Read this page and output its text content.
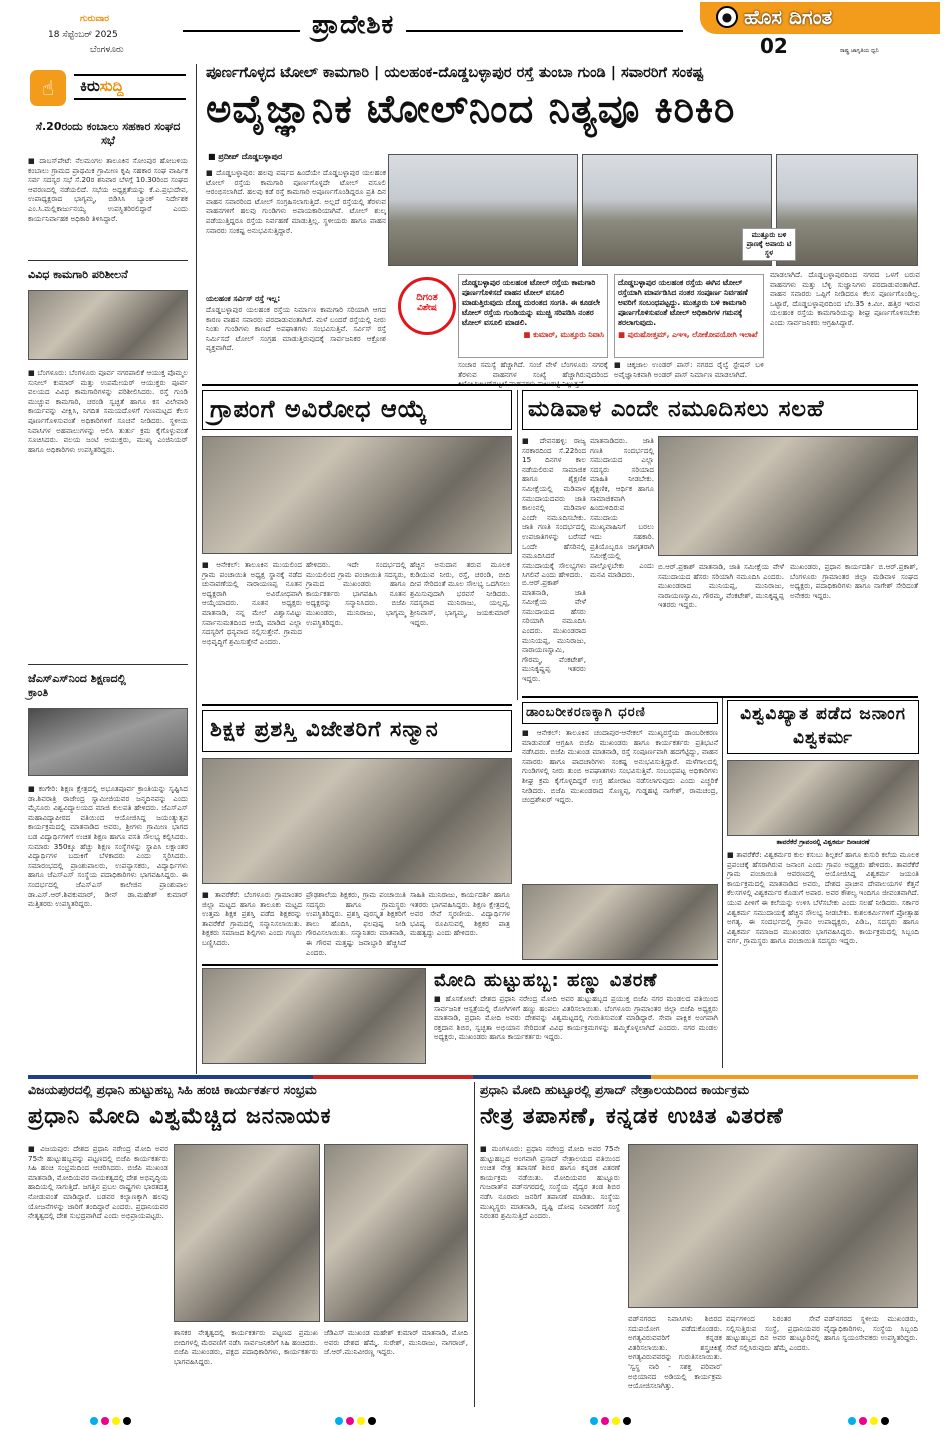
ಗುರುವಾರ
18 ಸೆಪ್ಟೆಂಬರ್ 2025
ಬೆಂಗಳೂರು
ಪ್ರಾದೇಶಿಕ	● ಹೊಸ ದಿಗಂತ
02	ರಾಷ್ಟ್ರ ಜಾಗೃತಿಯ ಧ್ವನಿ
☝	ಕಿರುಸುದ್ದಿ
ಸೆ.20ರಂದು ಕಂಬಾಲು ಸಹಕಾರ ಸಂಘದ ಸಭೆ
■ ದಾಬಸ್‌ಪೇಟೆ: ನೆಲಮಂಗಲ ತಾಲೂಕಿನ ಸೋಂಪುರ ಹೋಬಳಿಯ ಕಂಬಾಲು ಗ್ರಾಮದ ಪ್ರಾಥಮಿಕ ಗ್ರಾಮೀಣ ಕೃಷಿ ಸಹಕಾರ ಸಂಘ ವಾರ್ಷಿಕ ಸರ್ವ ಸದಸ್ಯರ ಸಭೆ ಸೆ.20ರ ಶನಿವಾರ ಬೆಳಗ್ಗೆ 10.30ರಿಂದ ಸಂಘದ ಆವರಣದಲ್ಲಿ ನಡೆಯಲಿದೆ. ಸಭೆಯ ಅಧ್ಯಕ್ಷತೆಯನ್ನು ಕೆ.ಎ.ಪ್ರಭುದೇವ, ಉಪಾಧ್ಯಕ್ಷರಾದ ಭಾಗ್ಯಮ್ಮ, ಬಿಡಿಸಿಸಿ ಬ್ಯಾಂಕ್ ನಿರ್ದೇಶಕ ಎಂ.ಸಿ.ಮಲ್ಲಿಕಾರ್ಜುನಯ್ಯ ಉಪಸ್ಥಿತರಿರಲಿದ್ದಾರೆ ಎಂದು ಕಾರ್ಯನಿರ್ವಾಹಕ ಅಧಿಕಾರಿ ತಿಳಿಸಿದ್ದಾರೆ.
ವಿವಿಧ ಕಾಮಗಾರಿ ಪರಿಶೀಲನೆ
■ ಬೆಂಗಳೂರು: ಬೆಂಗಳೂರು ಪೂರ್ವ ನಗರಪಾಲಿಕೆ ಆಯುಕ್ತ ಪೊಮ್ಮಲ ಸುನೀಲ್ ಕುಮಾರ್ ಮತ್ತು ಉಪಮೇಯರ್ ಆಯುಕ್ತರು ಪೂರ್ವ ವಲಯದ ವಿವಿಧ ಕಾಮಗಾರಿಗಳನ್ನು ಪರಿಶೀಲಿಸಿದರು. ರಸ್ತೆ ಗುಂಡಿ ಮುಚ್ಚುವ ಕಾಮಗಾರಿ, ಚರಂಡಿ ಸ್ವಚ್ಛತೆ ಹಾಗೂ ಕಸ ವಿಲೇವಾರಿ ಕಾರ್ಯವನ್ನು ವೀಕ್ಷಿಸಿ, ನಿಗದಿತ ಸಮಯದೊಳಗೆ ಗುಣಮಟ್ಟದ ಕೆಲಸ ಪೂರ್ಣಗೊಳಿಸುವಂತೆ ಅಧಿಕಾರಿಗಳಿಗೆ ಸೂಚನೆ ನೀಡಿದರು. ಸ್ಥಳೀಯ ನಿವಾಸಿಗಳ ಅಹವಾಲುಗಳನ್ನು ಆಲಿಸಿ ತುರ್ತು ಕ್ರಮ ಕೈಗೊಳ್ಳುವಂತೆ ಸೂಚಿಸಿದರು. ವಲಯ ಜಂಟಿ ಆಯುಕ್ತರು, ಮುಖ್ಯ ಎಂಜಿನಿಯರ್ ಹಾಗೂ ಅಧಿಕಾರಿಗಳು ಉಪಸ್ಥಿತರಿದ್ದರು.
ಜೆಎಸ್‌ಎಸ್‌ನಿಂದ ಶಿಕ್ಷಣದಲ್ಲಿ ಕ್ರಾಂತಿ
■ ಕಂಗೇರಿ: ಶಿಕ್ಷಣ ಕ್ಷೇತ್ರದಲ್ಲಿ ಅಭೂತಪೂರ್ವ ಕ್ರಾಂತಿಯನ್ನು ಸೃಷ್ಟಿಸಿದ ಡಾ.ಶಿವರಾತ್ರಿ ರಾಜೇಂದ್ರ ಸ್ವಾಮೀಜಿಯವರ ಜನ್ಮದಿನವನ್ನು ಎಂದು ಮೈಸೂರು ವಿಶ್ವವಿದ್ಯಾಲಯದ ಮಾಜಿ ಕುಲಪತಿ ಹೇಳಿದರು. ಜೆಎಸ್‌ಎಸ್ ಮಹಾವಿದ್ಯಾಪೀಠದ ವತಿಯಿಂದ ಆಯೋಜಿಸಿದ್ದ ಜಯಂತ್ಯುತ್ಸವ ಕಾರ್ಯಕ್ರಮದಲ್ಲಿ ಮಾತನಾಡಿದ ಅವರು, ಶ್ರೀಗಳು ಗ್ರಾಮೀಣ ಭಾಗದ ಬಡ ವಿದ್ಯಾರ್ಥಿಗಳಿಗೆ ಉಚಿತ ಶಿಕ್ಷಣ ಹಾಗೂ ವಸತಿ ಸೌಲಭ್ಯ ಕಲ್ಪಿಸಿದರು. ಸುಮಾರು 350ಕ್ಕೂ ಹೆಚ್ಚು ಶಿಕ್ಷಣ ಸಂಸ್ಥೆಗಳನ್ನು ಸ್ಥಾಪಿಸಿ ಲಕ್ಷಾಂತರ ವಿದ್ಯಾರ್ಥಿಗಳ ಬದುಕಿಗೆ ಬೆಳಕಾದರು ಎಂದು ಸ್ಮರಿಸಿದರು. ಸಮಾರಂಭದಲ್ಲಿ ಪ್ರಾಂಶುಪಾಲರು, ಉಪನ್ಯಾಸಕರು, ವಿದ್ಯಾರ್ಥಿಗಳು ಹಾಗೂ ಜೆಎಸ್‌ಎಸ್ ಸಂಸ್ಥೆಯ ಪದಾಧಿಕಾರಿಗಳು ಭಾಗವಹಿಸಿದ್ದರು. ಈ ಸಂದರ್ಭದಲ್ಲಿ ಜೆಎಸ್‌ಎಸ್ ಕಾಲೇಜಿನ ಪ್ರಾಂಶುಪಾಲ ಡಾ.ಎಸ್.ಆರ್.ಶಿವಕುಮಾರ್, ಡೀನ್ ಡಾ.ಮಹೇಶ್ ಕುಮಾರ್ ಮತ್ತಿತರರು ಉಪಸ್ಥಿತರಿದ್ದರು.
ಪೂರ್ಣಗೊಳ್ಳದ ಟೋಲ್ ಕಾಮಗಾರಿ | ಯಲಹಂಕ-ದೊಡ್ಡಬಳ್ಳಾಪುರ ರಸ್ತೆ ತುಂಬಾ ಗುಂಡಿ | ಸವಾರರಿಗೆ ಸಂಕಷ್ಟ
ಅವೈಜ್ಞಾನಿಕ ಟೋಲ್‌ನಿಂದ ನಿತ್ಯವೂ ಕಿರಿಕಿರಿ
■ ಪ್ರದೀಪ್ ದೊಡ್ಡಬಳ್ಳಾಪುರ
■ ದೊಡ್ಡಬಳ್ಳಾಪುರ: ಹಲವು ವರ್ಷದ ಹಿಂದೆಯೇ ದೊಡ್ಡಬಳ್ಳಾಪುರ ಯಲಹಂಕ ಟೋಲ್ ರಸ್ತೆಯ ಕಾಮಗಾರಿ ಪೂರ್ಣಗೊಳ್ಳದೇ ಟೋಲ್ ವಸೂಲಿ ಆರಂಭಿಸಲಾಗಿದೆ. ಹಲವು ಕಡೆ ರಸ್ತೆ ಕಾಮಗಾರಿ ಅಪೂರ್ಣಗೊಂಡಿದ್ದರೂ ಪ್ರತಿ ದಿನ ವಾಹನ ಸವಾರರಿಂದ ಟೋಲ್ ಸಂಗ್ರಹಿಸಲಾಗುತ್ತಿದೆ. ಅಲ್ಲದೆ ರಸ್ತೆಯಲ್ಲಿ ತೆರಳುವ ವಾಹನಗಳಿಗೆ ಹಲವು ಗುಂಡಿಗಳು ಅಪಾಯಕಾರಿಯಾಗಿವೆ. ಟೋಲ್ ಶುಲ್ಕ ಪಡೆಯುತ್ತಿದ್ದರೂ ರಸ್ತೆಯ ನಿರ್ವಹಣೆ ಮಾಡುತ್ತಿಲ್ಲ. ಸ್ಥಳೀಯರು ಹಾಗೂ ವಾಹನ ಸವಾರರು ಸಂಕಷ್ಟ ಅನುಭವಿಸುತ್ತಿದ್ದಾರೆ.
ಯಲಹಂಕ ಸರ್ವಿಸ್ ರಸ್ತೆ ಇಲ್ಲ:
ದೊಡ್ಡಬಳ್ಳಾಪುರ ಯಲಹಂಕ ರಸ್ತೆಯ ನಿರ್ಮಾಣ ಕಾಮಗಾರಿ ಸರಿಯಾಗಿ ಆಗದ ಕಾರಣ ವಾಹನ ಸವಾರರು ಪರದಾಡುವಂತಾಗಿದೆ. ಮಳೆ ಬಂದರೆ ರಸ್ತೆಯಲ್ಲಿ ನೀರು ನಿಂತು ಗುಂಡಿಗಳು ಕಾಣದೆ ಅಪಘಾತಗಳು ಸಂಭವಿಸುತ್ತಿವೆ. ಸರ್ವಿಸ್ ರಸ್ತೆ ನಿರ್ಮಿಸದೆ ಟೋಲ್ ಸಂಗ್ರಹ ಮಾಡುತ್ತಿರುವುದಕ್ಕೆ ಸಾರ್ವಜನಿಕರ ಆಕ್ರೋಶ ವ್ಯಕ್ತವಾಗಿದೆ.
ಮುತ್ತೂರು ಬಳಿ ಪ್ರಾಣಕ್ಕೆ ಅಪಾಯ ಟಿ ಸ್ಥಳ
ದಿಗಂತ
ವಿಶೇಷ
ದೊಡ್ಡಬಳ್ಳಾಪುರ ಯಲಹಂಕ ಟೋಲ್ ರಸ್ತೆಯ ಕಾಮಗಾರಿ ಪೂರ್ಣಗೊಳಿಸದೆ ವಾಹನ ಟೋಲ್ ವಸೂಲಿ ಮಾಡುತ್ತಿರುವುದು ದೊಡ್ಡ ದುರಂತದ ಸಂಗತಿ. ಈ ಕೂಡಲೇ ಟೋಲ್ ರಸ್ತೆಯ ಗುಂಡಿಯನ್ನು ಮುಚ್ಚಿ ಸರಿಪಡಿಸಿ ನಂತರ ಟೋಲ್ ವಸೂಲಿ ಮಾಡಲಿ.
■ ಕುಮಾರ್, ಮುತ್ತೂರು ನಿವಾಸಿ
ದೊಡ್ಡಬಳ್ಳಾಪುರ ಯಲಹಂಕ ರಸ್ತೆಯ ಈಗಿನ ಟೋಲ್ ರಸ್ತೆಯಾಗಿ ಮಾರ್ಪಡಿಸಿದ ನಂತರ ಸಂಪೂರ್ಣ ನಿರ್ವಹಣೆ ಅವರಿಗೆ ಸಂಬಂಧಪಟ್ಟದ್ದು. ಮುತ್ತೂರು ಬಳಿ ಕಾಮಗಾರಿ ಪೂರ್ಣಗೊಳಿಸುವಂತೆ ಟೋಲ್ ಅಧಿಕಾರಿಗಳ ಗಮನಕ್ಕೆ ತರಲಾಗುವುದು.
■ ಪುರುಷೋತ್ತಮ್, ಎಇಇ, ಲೋಕೋಪಯೋಗಿ ಇಲಾಖೆ
ಸಂಚಾರ ಸಮಸ್ಯೆ ಹೆಚ್ಚಾಗಿದೆ. ಸಂಜೆ ವೇಳೆ ಬೆಂಗಳೂರು ನಗರಕ್ಕೆ ತೆರಳುವ ವಾಹನಗಳ ಸಂಖ್ಯೆ ಹೆಚ್ಚಾಗಿರುವುದರಿಂದ
■ ಚಿಕ್ಕಜಾಲ ಉಂಡರ್ ಪಾಸ್: ನಗರದ ರೈಲ್ವೆ ಸ್ಟೇಷನ್ ಬಳಿ ಅವೈಜ್ಞಾನಿಕವಾಗಿ ಅಂಡರ್ ಪಾಸ್ ನಿರ್ಮಾಣ ಮಾಡಲಾಗಿದೆ.
ಮಾಡಲಾಗಿದೆ. ದೊಡ್ಡಬಳ್ಳಾಪುರದಿಂದ ನಗರದ ಒಳಗೆ ಬರುವ ವಾಹನಗಳು ಮತ್ತು ಬೆಳ್ಳಿ ಸುಜ್ಞಾನಿಗಳು ಪರದಾಡುವಂತಾಗಿದೆ. ವಾಹನ ಸವಾರರು ಒಪ್ಪಿಗೆ ನೀಡಿದರೂ ಕೆಲಸ ಪೂರ್ಣಗೊಂಡಿಲ್ಲ. ಒಟ್ಟಾರೆ, ದೊಡ್ಡಬಳ್ಳಾಪುರದಿಂದ ಬೆಂ.35 ಕಿ.ಮೀ. ಹತ್ತಿರ ಇರುವ ಯಲಹಂಕ ರಸ್ತೆಯ ಕಾಮಗಾರಿಯನ್ನು ಶೀಘ್ರ ಪೂರ್ಣಗೊಳಿಸಬೇಕು ಎಂದು ಸಾರ್ವಜನಿಕರು ಆಗ್ರಹಿಸಿದ್ದಾರೆ.
ಗ್ರಾಪಂಗೆ ಅವಿರೋಧ ಆಯ್ಕೆ
■ ಆನೇಕಲ್: ತಾಲೂಕಿನ ಮುಯಲಿಂದ ಗ್ರಾಮ ಪಂಚಾಯಿತಿ ಅಧ್ಯಕ್ಷ ಸ್ಥಾನಕ್ಕೆ ನಡೆದ ಚುನಾವಣೆಯಲ್ಲಿ ನಾರಾಯಣಪ್ಪ ನೂತನ ಅಧ್ಯಕ್ಷರಾಗಿ ಅವಿರೋಧವಾಗಿ ಆಯ್ಕೆಯಾದರು. ನೂತನ ಅಧ್ಯಕ್ಷರು ಮಾತನಾಡಿ, ನನ್ನ ಮೇಲೆ ವಿಶ್ವಾಸವಿಟ್ಟು ಸರ್ವಾನುಮತದಿಂದ ಆಯ್ಕೆ ಮಾಡಿದ ಎಲ್ಲಾ ಸದಸ್ಯರಿಗೆ ಧನ್ಯವಾದ ಸಲ್ಲಿಸುತ್ತೇನೆ. ಗ್ರಾಮದ ಅಭಿವೃದ್ಧಿಗೆ ಶ್ರಮಿಸುತ್ತೇನೆ ಎಂದರು.
ಹೇಳಿದರು. ಇದೇ ಸಂದರ್ಭದಲ್ಲಿ ಮುಯಲಿಂದ ಗ್ರಾಮ ಪಂಚಾಯಿತಿ ಸದಸ್ಯರು, ಗ್ರಾಮದ ಮುಖಂಡರು ಹಾಗೂ ಕಾರ್ಯಕರ್ತರು ಭಾಗವಹಿಸಿ ನೂತನ ಅಧ್ಯಕ್ಷರನ್ನು ಸನ್ಮಾನಿಸಿದರು. ಬಿಜೆಪಿ ಮುಖಂಡರು, ಮುನಿರಾಜು, ಭಾಗ್ಯಮ್ಮ ಉಪಸ್ಥಿತರಿದ್ದರು.
ಹೆಚ್ಚಿನ ಅನುದಾನ ತರುವ ಮೂಲಕ ಕುಡಿಯುವ ನೀರು, ರಸ್ತೆ, ಚರಂಡಿ, ಬೀದಿ ದೀಪ ಸೇರಿದಂತೆ ಮೂಲ ಸೌಲಭ್ಯ ಒದಗಿಸಲು ಶ್ರಮಿಸುವುದಾಗಿ ಭರವಸೆ ನೀಡಿದರು. ಸದಸ್ಯರಾದ ಮುನಿರಾಜು, ಯಲ್ಲಪ್ಪ, ಶ್ರೀನಿವಾಸ್, ಭಾಗ್ಯಮ್ಮ, ಜಯಕುಮಾರ್ ಇದ್ದರು.
ಮಡಿವಾಳ ಎಂದೇ ನಮೂದಿಸಲು ಸಲಹೆ
■ ದೇವನಹಳ್ಳಿ: ರಾಜ್ಯ ಸರಕಾರದಿಂದ ಸೆ.22ರಿಂದ 15 ದಿನಗಳ ಕಾಲ ನಡೆಯಲಿರುವ ಸಾಮಾಜಿಕ ಹಾಗೂ ಶೈಕ್ಷಣಿಕ ಸಮೀಕ್ಷೆಯಲ್ಲಿ ಮಡಿವಾಳ ಸಮುದಾಯದವರು ಜಾತಿ ಕಾಲಂನಲ್ಲಿ ಮಡಿವಾಳ ಎಂದೇ ನಮೂದಿಸಬೇಕು. ಜಾತಿ ಗಣತಿ ಸಂದರ್ಭದಲ್ಲಿ ಉಪಜಾತಿಗಳನ್ನು ಬರೆಸದೆ ಒಂದೇ ಹೆಸರಿನಲ್ಲಿ ನಮೂದಿಸಿದರೆ ಸಮುದಾಯಕ್ಕೆ ಸೌಲಭ್ಯಗಳು ಸಿಗಲಿವೆ ಎಂದು ಹೇಳಿದರು.
ಮಾತನಾಡಿದರು. ಜಾತಿ ಗಣತಿ ಸಂದರ್ಭದಲ್ಲಿ ಸಮುದಾಯದ ಎಲ್ಲಾ ಸದಸ್ಯರು ಸರಿಯಾದ ಮಾಹಿತಿ ನೀಡಬೇಕು. ಶೈಕ್ಷಣಿಕ, ಆರ್ಥಿಕ ಹಾಗೂ ಸಾಮಾಜಿಕವಾಗಿ ಹಿಂದುಳಿದಿರುವ ಸಮುದಾಯ ಮುಖ್ಯವಾಹಿನಿಗೆ ಬರಲು ಇದು ಸಹಕಾರಿ. ಪ್ರತಿಯೊಬ್ಬರೂ ಜಾಗೃತರಾಗಿ ಸಮೀಕ್ಷೆಯಲ್ಲಿ ಪಾಲ್ಗೊಳ್ಳಬೇಕು ಎಂದು ಮನವಿ ಮಾಡಿದರು.
ಬಿ.ಆರ್.ಪ್ರಕಾಶ್ ಮಾತನಾಡಿ, ಜಾತಿ ಸಮೀಕ್ಷೆಯ ವೇಳೆ ಸಮುದಾಯದ ಹೆಸರು ಸರಿಯಾಗಿ ನಮೂದಿಸಿ ಎಂದರು. ಮುಖಂಡರಾದ ಮುನಿಯಪ್ಪ, ಮುನಿರಾಜು, ನಾರಾಯಣಸ್ವಾಮಿ, ಗೌರಮ್ಮ, ವೆಂಕಟೇಶ್, ಮುನಿಕೃಷ್ಣಪ್ಪ ಇತರರು ಇದ್ದರು.
ಬಿ.ಆರ್.ಪ್ರಕಾಶ್ ಮಾತನಾಡಿ, ಜಾತಿ ಸಮೀಕ್ಷೆಯ ವೇಳೆ ಸಮುದಾಯದ ಹೆಸರು ಸರಿಯಾಗಿ ನಮೂದಿಸಿ ಎಂದರು. ಮುಖಂಡರಾದ ಮುನಿಯಪ್ಪ, ಮುನಿರಾಜು, ನಾರಾಯಣಸ್ವಾಮಿ, ಗೌರಮ್ಮ, ವೆಂಕಟೇಶ್, ಮುನಿಕೃಷ್ಣಪ್ಪ ಇತರರು ಇದ್ದರು.
ಮುಖಂಡರು, ಪ್ರಧಾನ ಕಾರ್ಯದರ್ಶಿ ಬಿ.ಆರ್.ಪ್ರಕಾಶ್, ಬೆಂಗಳೂರು ಗ್ರಾಮಾಂತರ ಜಿಲ್ಲಾ ಮಡಿವಾಳ ಸಂಘದ ಅಧ್ಯಕ್ಷರು, ಪದಾಧಿಕಾರಿಗಳು ಹಾಗೂ ನಾಗೇಶ್ ಸೇರಿದಂತೆ ಅನೇಕರು ಇದ್ದರು.
ಶಿಕ್ಷಕ ಪ್ರಶಸ್ತಿ ವಿಜೇತರಿಗೆ ಸನ್ಮಾನ
■ ತಾವರೆಕೆರೆ: ಬೆಂಗಳೂರು ಗ್ರಾಮಾಂತರ ಜಿಲ್ಲಾ ಮಟ್ಟದ ಹಾಗೂ ತಾಲೂಕು ಮಟ್ಟದ ಉತ್ತಮ ಶಿಕ್ಷಕ ಪ್ರಶಸ್ತಿ ಪಡೆದ ಶಿಕ್ಷಕರನ್ನು ತಾವರೆಕೆರೆ ಗ್ರಾಮದಲ್ಲಿ ಸನ್ಮಾನಿಸಲಾಯಿತು. ಶಿಕ್ಷಕರು ಸಮಾಜದ ಶಿಲ್ಪಿಗಳು ಎಂದು ಗಣ್ಯರು ಬಣ್ಣಿಸಿದರು.
ಪ್ರೌಢಶಾಲೆಯ ಶಿಕ್ಷಕರು, ಗ್ರಾಮ ಪಂಚಾಯಿತಿ ಸದಸ್ಯರು ಹಾಗೂ ಗ್ರಾಮಸ್ಥರು ಉಪಸ್ಥಿತರಿದ್ದರು. ಪ್ರಶಸ್ತಿ ಪುರಸ್ಕೃತ ಶಿಕ್ಷಕರಿಗೆ ಶಾಲು ಹೊದಿಸಿ, ಫಲಪುಷ್ಪ ನೀಡಿ ಗೌರವಿಸಲಾಯಿತು. ಸನ್ಮಾನಿತರು ಮಾತನಾಡಿ, ಈ ಗೌರವ ಮತ್ತಷ್ಟು ಜವಾಬ್ದಾರಿ ಹೆಚ್ಚಿಸಿದೆ ಎಂದರು.
ಸಾಹಿತಿ ಮುನಿರಾಜು, ಕಾರ್ಯದರ್ಶಿ ಹಾಗೂ ಇತರರು ಭಾಗವಹಿಸಿದ್ದರು. ಶಿಕ್ಷಣ ಕ್ಷೇತ್ರದಲ್ಲಿ ಅವರ ಸೇವೆ ಸ್ಮರಣೀಯ. ವಿದ್ಯಾರ್ಥಿಗಳ ಭವಿಷ್ಯ ರೂಪಿಸುವಲ್ಲಿ ಶಿಕ್ಷಕರ ಪಾತ್ರ ಮಹತ್ವದ್ದು ಎಂದು ಹೇಳಿದರು.
ಡಾಂಬರೀಕರಣಕ್ಕಾಗಿ ಧರಣಿ
■ ಆನೇಕಲ್: ತಾಲೂಕಿನ ಚಂದಾಪುರ-ಆನೇಕಲ್ ಮುಖ್ಯರಸ್ತೆಯ ಡಾಂಬರೀಕರಣ ಮಾಡುವಂತೆ ಆಗ್ರಹಿಸಿ ಬಿಜೆಪಿ ಮುಖಂಡರು ಹಾಗೂ ಕಾರ್ಯಕರ್ತರು ಪ್ರತಿಭಟನೆ ನಡೆಸಿದರು. ಬಿಜೆಪಿ ಮುಖಂಡ ಮಾತನಾಡಿ, ರಸ್ತೆ ಸಂಪೂರ್ಣವಾಗಿ ಹದಗೆಟ್ಟಿದ್ದು, ವಾಹನ ಸವಾರರು ಹಾಗೂ ಪಾದಚಾರಿಗಳು ಸಂಕಷ್ಟ ಅನುಭವಿಸುತ್ತಿದ್ದಾರೆ. ಮಳೆಗಾಲದಲ್ಲಿ ಗುಂಡಿಗಳಲ್ಲಿ ನೀರು ತುಂಬಿ ಅಪಘಾತಗಳು ಸಂಭವಿಸುತ್ತಿವೆ. ಸಂಬಂಧಪಟ್ಟ ಅಧಿಕಾರಿಗಳು ಶೀಘ್ರ ಕ್ರಮ ಕೈಗೊಳ್ಳದಿದ್ದರೆ ಉಗ್ರ ಹೋರಾಟ ನಡೆಸಲಾಗುವುದು ಎಂದು ಎಚ್ಚರಿಕೆ ನೀಡಿದರು. ಬಿಜೆಪಿ ಮುಖಂಡರಾದ ಸೊಣ್ಣಪ್ಪ, ಗುಡ್ಡಹಟ್ಟಿ ನಾಗೇಶ್, ರಾಮಚಂದ್ರ, ಚಂದ್ರಶೇಖರ್ ಇದ್ದರು.
ವಿಶ್ವವಿಖ್ಯಾತ ಪಡೆದ ಜನಾಂಗ ವಿಶ್ವಕರ್ಮ
ತಾವರೆಕೆರೆ ಗ್ರಾಪಂನಲ್ಲಿ ವಿಶ್ವಕರ್ಮ ದಿನಾಚರಣೆ
■ ತಾವರೆಕೆರೆ: ವಿಶ್ವಕರ್ಮರ ಕುಲ ಕಸುಬು ಶಿಲ್ಪಕಲೆ ಹಾಗೂ ಕುಸುರಿ ಕಲೆಯ ಮೂಲಕ ಪ್ರಪಂಚಕ್ಕೆ ಹೆಸರಾಗಿರುವ ಜನಾಂಗ ಎಂದು ಗ್ರಾಪಂ ಅಧ್ಯಕ್ಷರು ಹೇಳಿದರು. ತಾವರೆಕೆರೆ ಗ್ರಾಮ ಪಂಚಾಯಿತಿ ಆವರಣದಲ್ಲಿ ಆಯೋಜಿಸಿದ್ದ ವಿಶ್ವಕರ್ಮ ಜಯಂತಿ ಕಾರ್ಯಕ್ರಮದಲ್ಲಿ ಮಾತನಾಡಿದ ಅವರು, ದೇಶದ ಪ್ರಾಚೀನ ದೇವಾಲಯಗಳ ಕೆತ್ತನೆ ಕೆಲಸಗಳಲ್ಲಿ ವಿಶ್ವಕರ್ಮರ ಕೊಡುಗೆ ಅಪಾರ. ಅವರ ಕೌಶಲ್ಯ ಇಂದಿಗೂ ಜೀವಂತವಾಗಿದೆ. ಯುವ ಪೀಳಿಗೆ ಈ ಕಲೆಯನ್ನು ಉಳಿಸಿ ಬೆಳೆಸಬೇಕು ಎಂದು ಸಲಹೆ ನೀಡಿದರು. ಸರ್ಕಾರ ವಿಶ್ವಕರ್ಮ ಸಮುದಾಯಕ್ಕೆ ಹೆಚ್ಚಿನ ಸೌಲಭ್ಯ ನೀಡಬೇಕು. ಕುಶಲಕರ್ಮಿಗಳಿಗೆ ಪ್ರೋತ್ಸಾಹ ಅಗತ್ಯ. ಈ ಸಂದರ್ಭದಲ್ಲಿ ಗ್ರಾಪಂ ಉಪಾಧ್ಯಕ್ಷರು, ಪಿಡಿಒ, ಸದಸ್ಯರು ಹಾಗೂ ವಿಶ್ವಕರ್ಮ ಸಮಾಜದ ಮುಖಂಡರು ಭಾಗವಹಿಸಿದ್ದರು. ಕಾರ್ಯಕ್ರಮದಲ್ಲಿ ಸಿಬ್ಬಂದಿ ವರ್ಗ, ಗ್ರಾಮಸ್ಥರು ಹಾಗೂ ಪಂಚಾಯಿತಿ ಸದಸ್ಯರು ಇದ್ದರು.
ಮೋದಿ ಹುಟ್ಟುಹಬ್ಬ: ಹಣ್ಣು ವಿತರಣೆ
■ ಹೊಸಕೋಟೆ: ದೇಶದ ಪ್ರಧಾನಿ ನರೇಂದ್ರ ಮೋದಿ ಅವರ ಹುಟ್ಟುಹಬ್ಬದ ಪ್ರಯುಕ್ತ ಬಿಜೆಪಿ ನಗರ ಮಂಡಲದ ವತಿಯಿಂದ ಸಾರ್ವಜನಿಕ ಆಸ್ಪತ್ರೆಯಲ್ಲಿ ರೋಗಿಗಳಿಗೆ ಹಣ್ಣು ಹಂಪಲು ವಿತರಿಸಲಾಯಿತು. ಬೆಂಗಳೂರು ಗ್ರಾಮಾಂತರ ಜಿಲ್ಲಾ ಬಿಜೆಪಿ ಅಧ್ಯಕ್ಷರು ಮಾತನಾಡಿ, ಪ್ರಧಾನಿ ಮೋದಿ ಅವರು ದೇಶವನ್ನು ವಿಶ್ವಮಟ್ಟದಲ್ಲಿ ಗುರುತಿಸುವಂತೆ ಮಾಡಿದ್ದಾರೆ. ಸೇವಾ ಪಾಕ್ಷಿಕ ಅಂಗವಾಗಿ ರಕ್ತದಾನ ಶಿಬಿರ, ಸ್ವಚ್ಛತಾ ಅಭಿಯಾನ ಸೇರಿದಂತೆ ವಿವಿಧ ಕಾರ್ಯಕ್ರಮಗಳನ್ನು ಹಮ್ಮಿಕೊಳ್ಳಲಾಗಿದೆ ಎಂದರು. ನಗರ ಮಂಡಲ ಅಧ್ಯಕ್ಷರು, ಮುಖಂಡರು ಹಾಗೂ ಕಾರ್ಯಕರ್ತರು ಇದ್ದರು.
ವಿಜಯಪುರದಲ್ಲಿ ಪ್ರಧಾನಿ ಹುಟ್ಟುಹಬ್ಬ ಸಿಹಿ ಹಂಚಿ ಕಾರ್ಯಕರ್ತರ ಸಂಭ್ರಮ
ಪ್ರಧಾನಿ ಮೋದಿ ವಿಶ್ವಮೆಚ್ಚಿದ ಜನನಾಯಕ
■ ವಿಜಯಪುರ: ದೇಶದ ಪ್ರಧಾನಿ ನರೇಂದ್ರ ಮೋದಿ ಅವರ 75ನೇ ಹುಟ್ಟುಹಬ್ಬವನ್ನು ಪಟ್ಟಣದಲ್ಲಿ ಬಿಜೆಪಿ ಕಾರ್ಯಕರ್ತರು ಸಿಹಿ ಹಂಚಿ ಸಂಭ್ರಮದಿಂದ ಆಚರಿಸಿದರು. ಬಿಜೆಪಿ ಮುಖಂಡ ಮಾತನಾಡಿ, ಮೋದಿಯವರ ನಾಯಕತ್ವದಲ್ಲಿ ದೇಶ ಅಭಿವೃದ್ಧಿಯ ಹಾದಿಯಲ್ಲಿ ಸಾಗುತ್ತಿದೆ. ಜಗತ್ತಿನ ಪ್ರಬಲ ರಾಷ್ಟ್ರಗಳು ಭಾರತದತ್ತ ನೋಡುವಂತೆ ಮಾಡಿದ್ದಾರೆ. ಬಡವರ ಕಲ್ಯಾಣಕ್ಕಾಗಿ ಹಲವು ಯೋಜನೆಗಳನ್ನು ಜಾರಿಗೆ ತಂದಿದ್ದಾರೆ ಎಂದರು. ಪ್ರಧಾನಿಯವರ ನೇತೃತ್ವದಲ್ಲಿ ದೇಶ ಸುಭದ್ರವಾಗಿದೆ ಎಂದು ಅಭಿಪ್ರಾಯಪಟ್ಟರು.
ಶಾಸಕರ ನೇತೃತ್ವದಲ್ಲಿ ಕಾರ್ಯಕರ್ತರು ಪಟ್ಟಣದ ಪ್ರಮುಖ ಬೀದಿಗಳಲ್ಲಿ ಮೆರವಣಿಗೆ ನಡೆಸಿ ಸಾರ್ವಜನಿಕರಿಗೆ ಸಿಹಿ ಹಂಚಿದರು. ಬಿಜೆಪಿ ಮುಖಂಡರು, ಪಕ್ಷದ ಪದಾಧಿಕಾರಿಗಳು, ಕಾರ್ಯಕರ್ತರು ಭಾಗವಹಿಸಿದ್ದರು.
ಜೆಡಿಎಸ್ ಮುಖಂಡ ಮಹೇಶ್ ಕುಮಾರ್ ಮಾತನಾಡಿ, ಮೋದಿ ಅವರು ದೇಶದ ಹೆಮ್ಮೆ. ಸುರೇಶ್, ಮುನಿರಾಜು, ನಾಗರಾಜ್, ಜೆ.ಆರ್.ಮುನಿವೀರಣ್ಣ ಇದ್ದರು.
ಪ್ರಧಾನಿ ಮೋದಿ ಹುಟ್ಟೂರಲ್ಲಿ ಪ್ರಸಾದ್ ನೇತ್ರಾಲಯದಿಂದ ಕಾರ್ಯಕ್ರಮ
ನೇತ್ರ ತಪಾಸಣೆ, ಕನ್ನಡಕ ಉಚಿತ ವಿತರಣೆ
■ ಮಂಗಳೂರು: ಪ್ರಧಾನಿ ನರೇಂದ್ರ ಮೋದಿ ಅವರ 75ನೇ ಹುಟ್ಟುಹಬ್ಬದ ಅಂಗವಾಗಿ ಪ್ರಸಾದ್ ನೇತ್ರಾಲಯದ ವತಿಯಿಂದ ಉಚಿತ ನೇತ್ರ ತಪಾಸಣೆ ಶಿಬಿರ ಹಾಗೂ ಕನ್ನಡಕ ವಿತರಣೆ ಕಾರ್ಯಕ್ರಮ ನಡೆಯಿತು. ಮೋದಿಯವರ ಹುಟ್ಟೂರು ಗುಜರಾತ್‌ನ ವಡ್‌ನಗರದಲ್ಲಿ ಸಂಸ್ಥೆಯ ವೈದ್ಯರ ತಂಡ ಶಿಬಿರ ನಡೆಸಿ ನೂರಾರು ಜನರಿಗೆ ತಪಾಸಣೆ ಮಾಡಿತು. ಸಂಸ್ಥೆಯ ಮುಖ್ಯಸ್ಥರು ಮಾತನಾಡಿ, ದೃಷ್ಟಿ ದೋಷ ನಿವಾರಣೆಗೆ ಸಂಸ್ಥೆ ನಿರಂತರ ಶ್ರಮಿಸುತ್ತಿದೆ ಎಂದರು.
ವಡ್‌ನಗರದ ನಿವಾಸಿಗಳು ಶಿಬಿರದ ಸದುಪಯೋಗ ಪಡೆದುಕೊಂಡರು. ಅಗತ್ಯವಿರುವವರಿಗೆ ಕನ್ನಡಕ ವಿತರಿಸಲಾಯಿತು. ಶಸ್ತ್ರಚಿಕಿತ್ಸೆ ಅಗತ್ಯವಿರುವವರನ್ನು ಗುರುತಿಸಲಾಯಿತು. 'ಸ್ವಸ್ಥ ನಾರಿ - ಸಶಕ್ತ ಪರಿವಾರ' ಅಭಿಯಾನದ ಅಡಿಯಲ್ಲಿ ಕಾರ್ಯಕ್ರಮ ಆಯೋಜಿಸಲಾಗಿತ್ತು.
ವರ್ಷಗಳಿಂದ ನಿರಂತರ ಸೇವೆ ಸಲ್ಲಿಸುತ್ತಿರುವ ಸಂಸ್ಥೆ, ಪ್ರಧಾನಿಯವರ ಹುಟ್ಟುಹಬ್ಬದ ದಿನ ಅವರ ಹುಟ್ಟೂರಿನಲ್ಲಿ ಸೇವೆ ಸಲ್ಲಿಸಿರುವುದು ಹೆಮ್ಮೆ ಎಂದರು.
ವಡ್‌ನಗರದ ಸ್ಥಳೀಯ ಮುಖಂಡರು, ವೈದ್ಯಾಧಿಕಾರಿಗಳು, ಸಂಸ್ಥೆಯ ಸಿಬ್ಬಂದಿ ಹಾಗೂ ಸ್ವಯಂಸೇವಕರು ಉಪಸ್ಥಿತರಿದ್ದರು.
